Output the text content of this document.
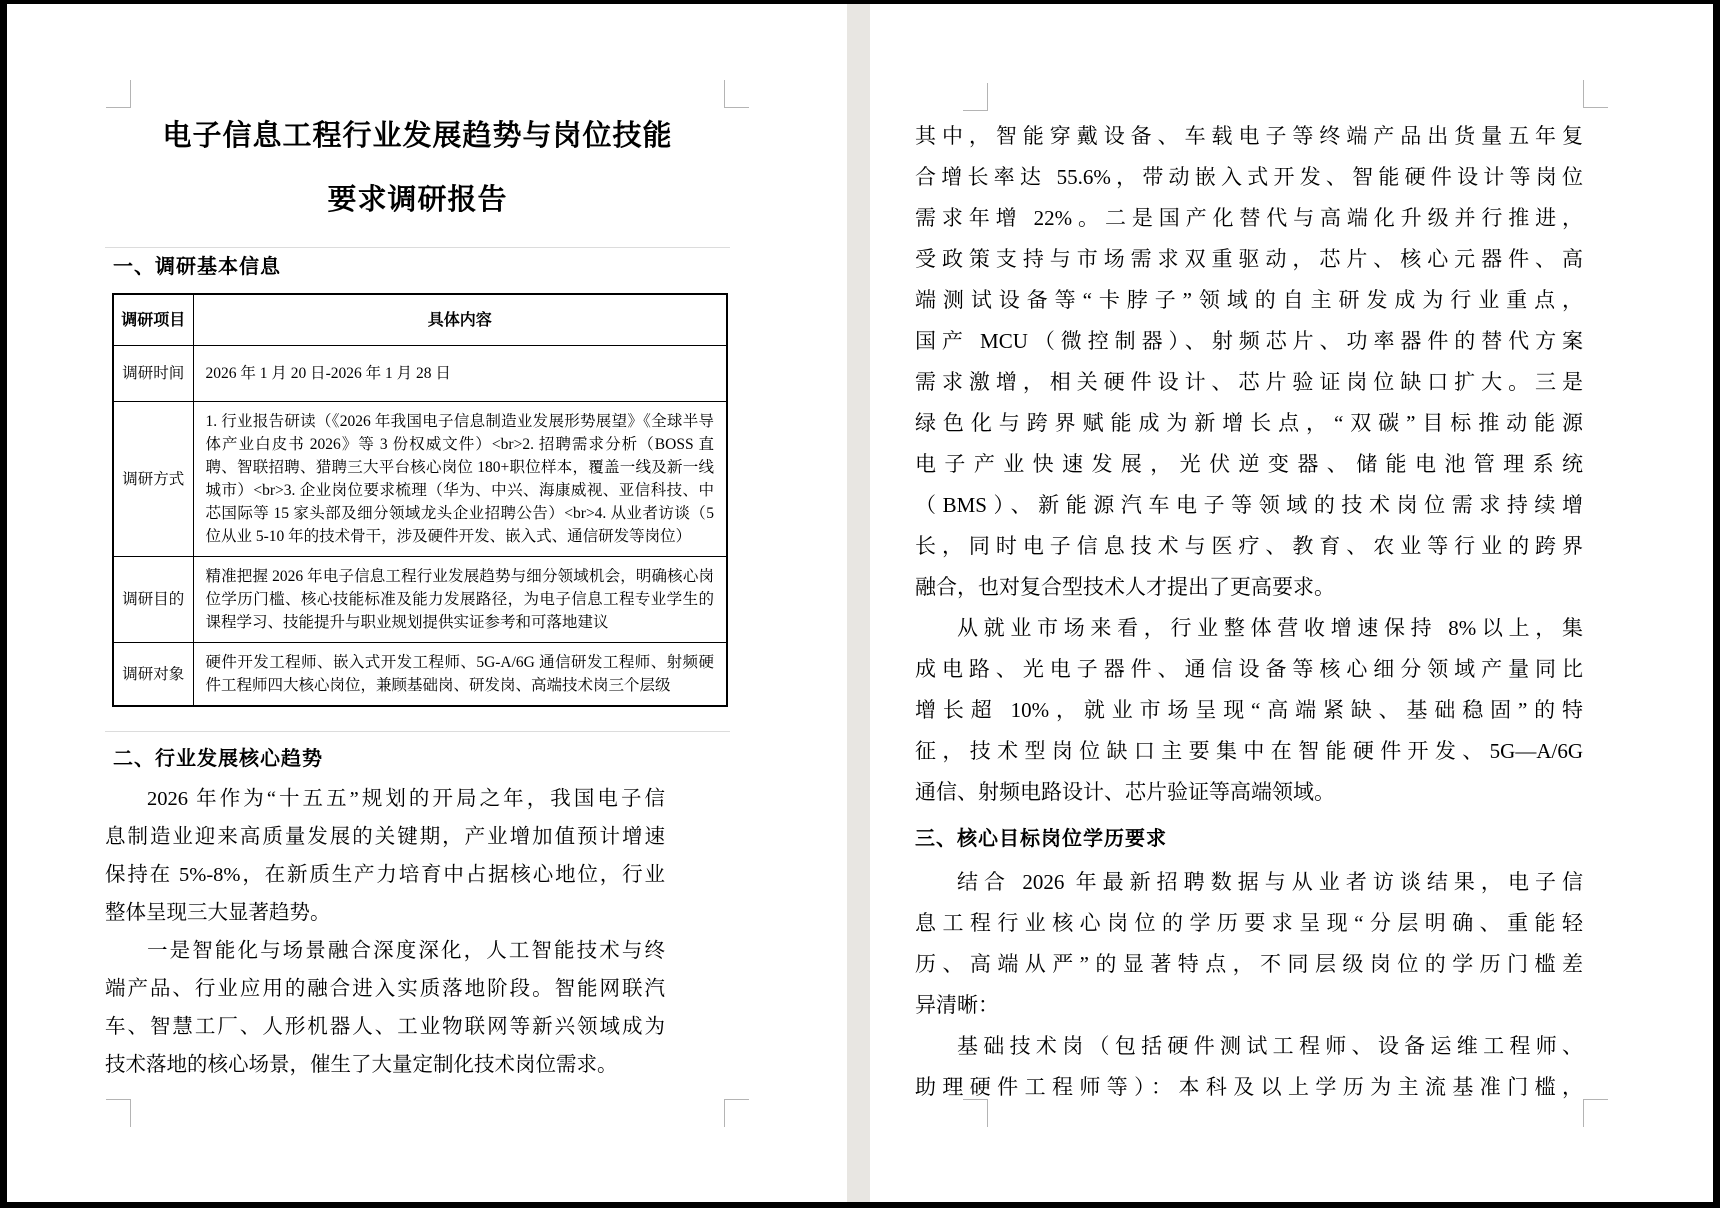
电子信息工程行业发展趋势与岗位技能
要求调研报告
一、调研基本信息
调研项目	具体内容
调研时间	2026 年 1 月 20 日-2026 年 1 月 28 日
调研方式	1. 行业报告研读（《2026 年我国电子信息制造业发展形势展望》《全球半导体产业白皮书 2026》等 3 份权威文件）<br>2. 招聘需求分析（BOSS 直聘、智联招聘、猎聘三大平台核心岗位 180+职位样本，覆盖一线及新一线城市）<br>3. 企业岗位要求梳理（华为、中兴、海康威视、亚信科技、中芯国际等 15 家头部及细分领域龙头企业招聘公告）<br>4. 从业者访谈（5 位从业 5-10 年的技术骨干，涉及硬件开发、嵌入式、通信研发等岗位）
调研目的	精准把握 2026 年电子信息工程行业发展趋势与细分领域机会，明确核心岗位学历门槛、核心技能标准及能力发展路径，为电子信息工程专业学生的课程学习、技能提升与职业规划提供实证参考和可落地建议
调研对象	硬件开发工程师、嵌入式开发工程师、5G-A/6G 通信研发工程师、射频硬件工程师四大核心岗位，兼顾基础岗、研发岗、高端技术岗三个层级
二、行业发展核心趋势
2026 年作为“十五五”规划的开局之年，我国电子信
息制造业迎来高质量发展的关键期，产业增加值预计增速
保持在 5%-8%，在新质生产力培育中占据核心地位，行业
整体呈现三大显著趋势。
一是智能化与场景融合深度深化，人工智能技术与终
端产品、行业应用的融合进入实质落地阶段。智能网联汽
车、智慧工厂、人形机器人、工业物联网等新兴领域成为
技术落地的核心场景，催生了大量定制化技术岗位需求。
其中，智能穿戴设备、车载电子等终端产品出货量五年复
合增长率达 55.6%，带动嵌入式开发、智能硬件设计等岗位
需求年增 22%。二是国产化替代与高端化升级并行推进，
受政策支持与市场需求双重驱动，芯片、核心元器件、高
端测试设备等“卡脖子”领域的自主研发成为行业重点，
国产 MCU（微控制器）、射频芯片、功率器件的替代方案
需求激增，相关硬件设计、芯片验证岗位缺口扩大。三是
绿色化与跨界赋能成为新增长点，“双碳”目标推动能源
电子产业快速发展，光伏逆变器、储能电池管理系统
（BMS）、新能源汽车电子等领域的技术岗位需求持续增
长，同时电子信息技术与医疗、教育、农业等行业的跨界
融合，也对复合型技术人才提出了更高要求。
从就业市场来看，行业整体营收增速保持 8%以上，集
成电路、光电子器件、通信设备等核心细分领域产量同比
增长超 10%，就业市场呈现“高端紧缺、基础稳固”的特
征，技术型岗位缺口主要集中在智能硬件开发、5G—A/6G
通信、射频电路设计、芯片验证等高端领域。
三、核心目标岗位学历要求
结合 2026 年最新招聘数据与从业者访谈结果，电子信
息工程行业核心岗位的学历要求呈现“分层明确、重能轻
历、高端从严”的显著特点，不同层级岗位的学历门槛差
异清晰：
基础技术岗（包括硬件测试工程师、设备运维工程师、
助理硬件工程师等）：本科及以上学历为主流基准门槛，
